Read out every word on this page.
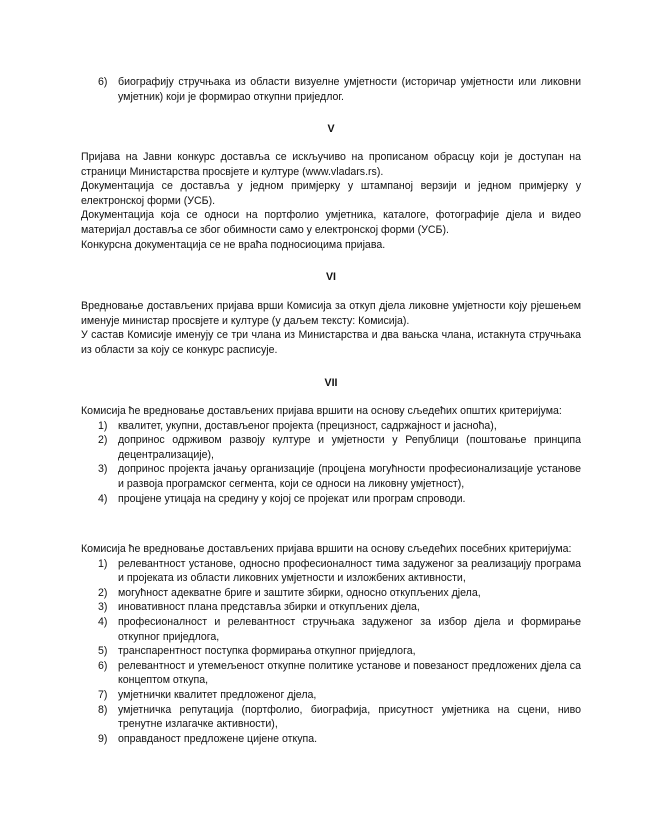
6) биографију стручњака из области визуелне умјетности (историчар умјетности или ликовни умјетник) који је формирао откупни приједлог.
V

Пријава на Јавни конкурс доставља се искључиво на прописаном обрасцу који је доступан на страници Министарства просвјете и културе (www.vladars.rs).

Документација се доставља у једном примјерку у штампаној верзији и једном примјерку у електронској форми (УСБ).

Документација која се односи на портфолио умјетника, каталоге, фотографије дјела и видео материјал доставља се због обимности само у електронској форми (УСБ).

Конкурсна документација се не враћа подносиоцима пријава.

VI

Вредновање достављених пријава врши Комисија за откуп дјела ликовне умјетности коју рјешењем именује министар просвјете и културе (у даљем тексту: Комисија).

У састав Комисије именују се три члана из Министарства и два вањска члана, истакнута стручњака из области за коју се конкурс расписује.

VII

Комисија ће вредновање достављених пријава вршити на основу сљедећих општих критеријума:

1) квалитет, укупни, достављеног пројекта (прецизност, садржајност и јасноћа),
2) допринос одрживом развоју културе и умјетности у Републици (поштовање принципа децентрализације),
3) допринос пројекта јачању организације (процјена могућности професионализације установе и развоја програмског сегмента, који се односи на ликовну умјетност),
4) процјене утицаја на средину у којој се пројекат или програм спроводи.

Комисија ће вредновање достављених пријава вршити на основу сљедећих посебних критеријума:

1) релевантност установе, односно професионалност тима задуженог за реализацију програма и пројеката из области ликовних умјетности и изложбених активности,
2) могућност адекватне бриге и заштите збирки, односно откупљених дјела,
3) иновативност плана представља збирки и откупљених дјела,
4) професионалност и релевантност стручњака задуженог за избор дјела и формирање откупног приједлога,
5) транспарентност поступка формирања откупног приједлога,
6) релевантност и утемељеност откупне политике установе и повезаност предложених дјела са концептом откупа,
7) умјетнички квалитет предложеног дјела,
8) умјетничка репутација (портфолио, биографија, присутност умјетника на сцени, ниво тренутне излагачке активности),
9) оправданост предложене цијене откупа.
